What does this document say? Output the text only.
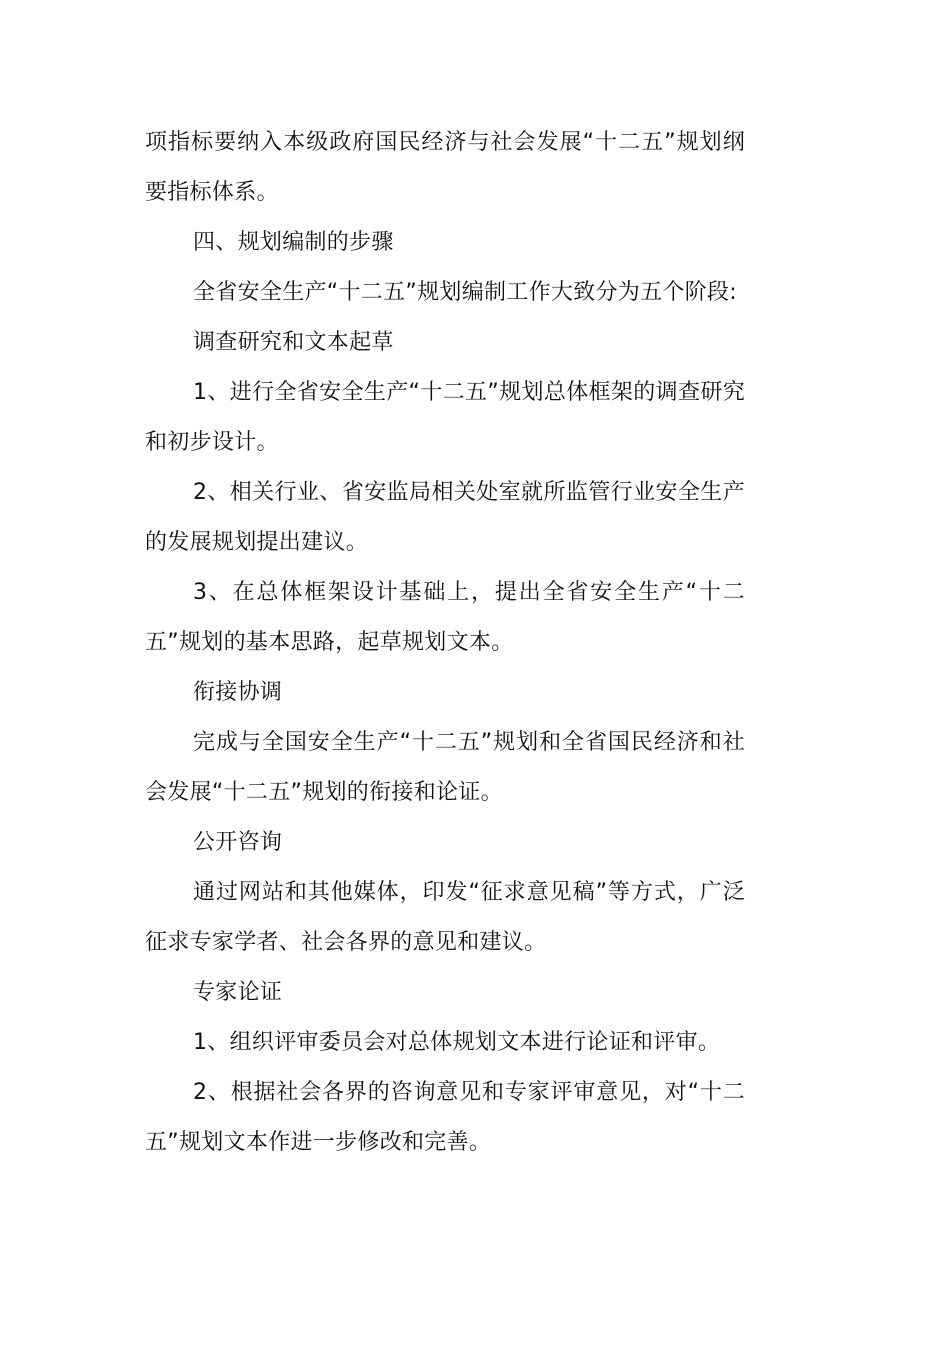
项指标要纳入本级政府国民经济与社会发展“十二五”规划纲要指标体系。

四、规划编制的步骤

全省安全生产“十二五”规划编制工作大致分为五个阶段:

调查研究和文本起草

1、进行全省安全生产“十二五”规划总体框架的调查研究和初步设计。

2、相关行业、省安监局相关处室就所监管行业安全生产的发展规划提出建议。

3、在总体框架设计基础上，提出全省安全生产“十二五”规划的基本思路，起草规划文本。

衔接协调

完成与全国安全生产“十二五”规划和全省国民经济和社会发展“十二五”规划的衔接和论证。

公开咨询

通过网站和其他媒体，印发“征求意见稿”等方式，广泛征求专家学者、社会各界的意见和建议。

专家论证

1、组织评审委员会对总体规划文本进行论证和评审。

2、根据社会各界的咨询意见和专家评审意见，对“十二五”规划文本作进一步修改和完善。
